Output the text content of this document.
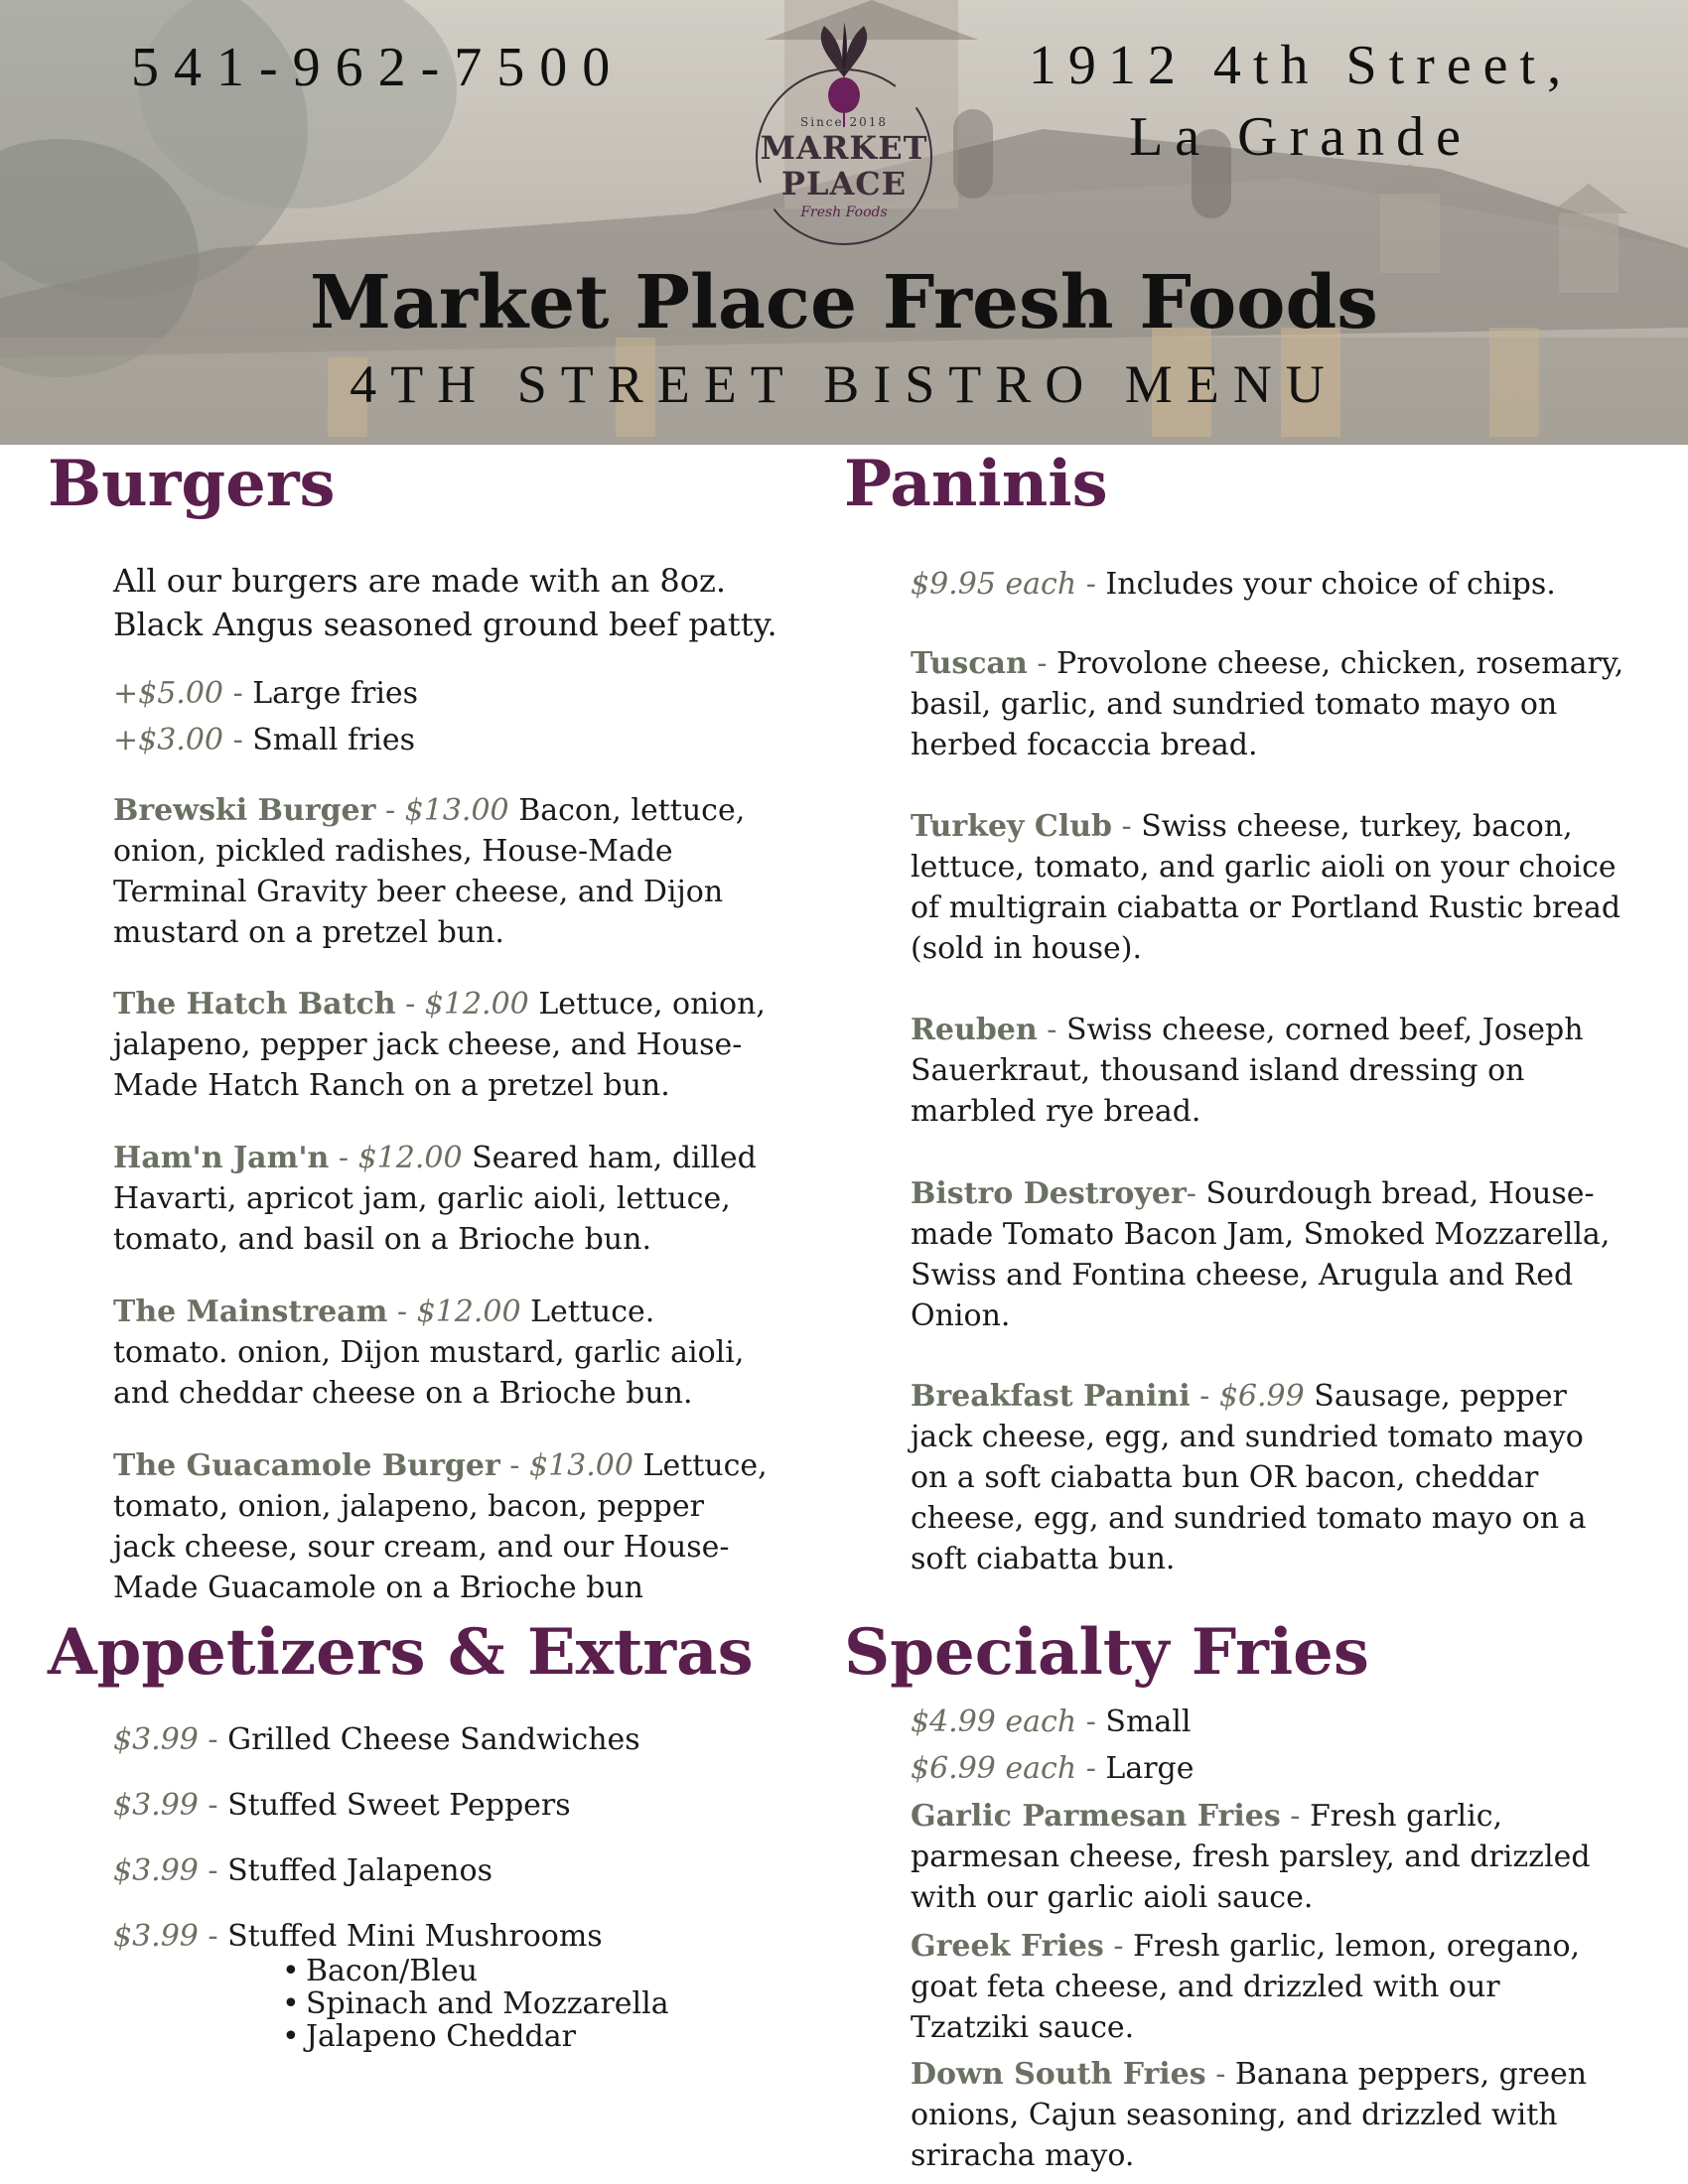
541-962-7500	1912 4th Street,
La Grande
Since 2018
MARKET
PLACE
Fresh Foods
Market Place Fresh Foods
4TH STREET BISTRO MENU
Burgers
All our burgers are made with an 8oz. Black Angus seasoned ground beef patty.
+$5.00 - Large fries
+$3.00 - Small fries
Brewski Burger - $13.00 Bacon, lettuce, onion, pickled radishes, House-Made Terminal Gravity beer cheese, and Dijon mustard on a pretzel bun.
The Hatch Batch - $12.00 Lettuce, onion, jalapeno, pepper jack cheese, and House-Made Hatch Ranch on a pretzel bun.
Ham'n Jam'n - $12.00 Seared ham, dilled Havarti, apricot jam, garlic aioli, lettuce, tomato, and basil on a Brioche bun.
The Mainstream - $12.00 Lettuce. tomato. onion, Dijon mustard, garlic aioli, and cheddar cheese on a Brioche bun.
The Guacamole Burger - $13.00 Lettuce, tomato, onion, jalapeno, bacon, pepper jack cheese, sour cream, and our House-Made Guacamole on a Brioche bun
Appetizers & Extras
$3.99 - Grilled Cheese Sandwiches
$3.99 - Stuffed Sweet Peppers
$3.99 - Stuffed Jalapenos
$3.99 - Stuffed Mini Mushrooms
• Bacon/Bleu
• Spinach and Mozzarella
• Jalapeno Cheddar
Paninis
$9.95 each - Includes your choice of chips.
Tuscan - Provolone cheese, chicken, rosemary, basil, garlic, and sundried tomato mayo on herbed focaccia bread.
Turkey Club - Swiss cheese, turkey, bacon, lettuce, tomato, and garlic aioli on your choice of multigrain ciabatta or Portland Rustic bread (sold in house).
Reuben - Swiss cheese, corned beef, Joseph Sauerkraut, thousand island dressing on marbled rye bread.
Bistro Destroyer- Sourdough bread, House-made Tomato Bacon Jam, Smoked Mozzarella, Swiss and Fontina cheese, Arugula and Red Onion.
Breakfast Panini - $6.99 Sausage, pepper jack cheese, egg, and sundried tomato mayo on a soft ciabatta bun OR bacon, cheddar cheese, egg, and sundried tomato mayo on a soft ciabatta bun.
Specialty Fries
$4.99 each - Small
$6.99 each - Large
Garlic Parmesan Fries - Fresh garlic, parmesan cheese, fresh parsley, and drizzled with our garlic aioli sauce.
Greek Fries - Fresh garlic, lemon, oregano, goat feta cheese, and drizzled with our Tzatziki sauce.
Down South Fries - Banana peppers, green onions, Cajun seasoning, and drizzled with sriracha mayo.
